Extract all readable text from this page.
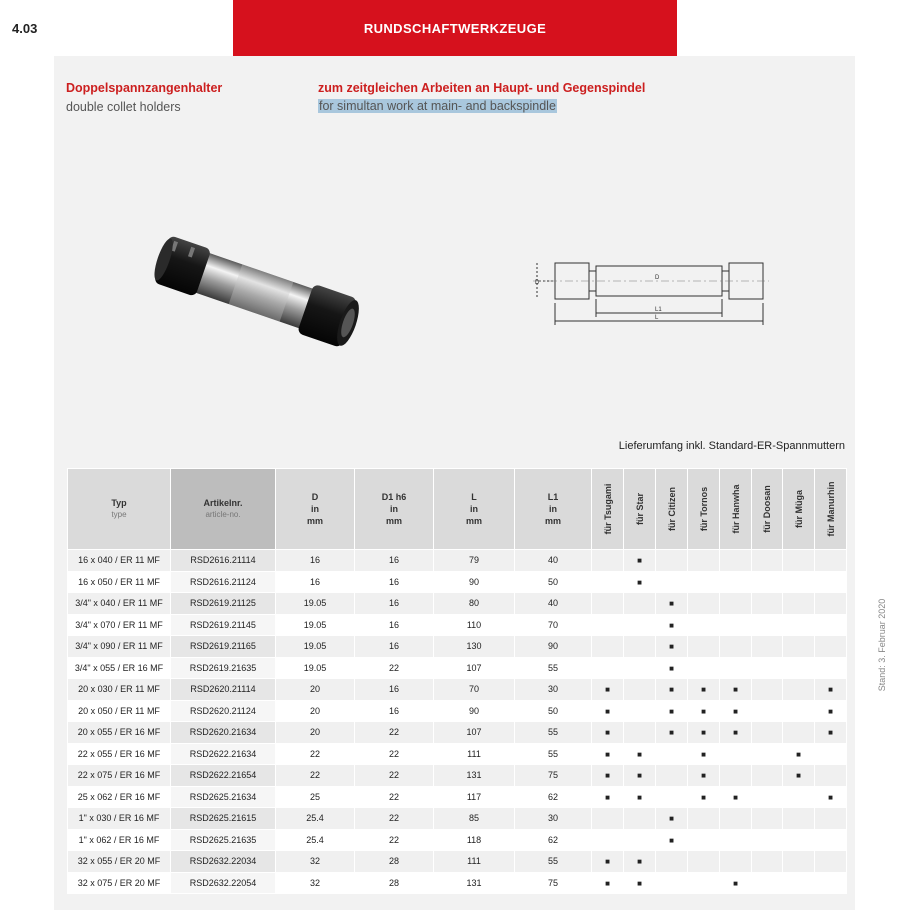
4.03	RUNDSCHAFTWERKZEUGE
Doppelspannzangenhalter
double collet holders
zum zeitgleichen Arbeiten an Haupt- und Gegenspindel
for simultan work at main- and backspindle
D
D
L1
L
Lieferumfang inkl. Standard-ER-Spannmuttern
Stand: 3. Februar 2020
Typ
type	Artikelnr.
article-no.	D
in
mm	D1 h6
in
mm	L
in
mm	L1
in
mm	für Tsugami	für Star	für Citizen	für Tornos	für Hanwha	für Doosan	für Müga	für Manurhin

16 x 040 / ER 11 MF	RSD2616.21114	16	16	79	40		■						
16 x 050 / ER 11 MF	RSD2616.21124	16	16	90	50		■						
3/4" x 040 / ER 11 MF	RSD2619.21125	19.05	16	80	40			■					
3/4" x 070 / ER 11 MF	RSD2619.21145	19.05	16	110	70			■					
3/4" x 090 / ER 11 MF	RSD2619.21165	19.05	16	130	90			■					
3/4" x 055 / ER 16 MF	RSD2619.21635	19.05	22	107	55			■					
20 x 030 / ER 11 MF	RSD2620.21114	20	16	70	30	■		■	■	■			■
20 x 050 / ER 11 MF	RSD2620.21124	20	16	90	50	■		■	■	■			■
20 x 055 / ER 16 MF	RSD2620.21634	20	22	107	55	■		■	■	■			■
22 x 055 / ER 16 MF	RSD2622.21634	22	22	111	55	■	■		■			■	
22 x 075 / ER 16 MF	RSD2622.21654	22	22	131	75	■	■		■			■	
25 x 062 / ER 16 MF	RSD2625.21634	25	22	117	62	■	■		■	■			■
1" x 030 / ER 16 MF	RSD2625.21615	25.4	22	85	30			■					
1" x 062 / ER 16 MF	RSD2625.21635	25.4	22	118	62			■					
32 x 055 / ER 20 MF	RSD2632.22034	32	28	111	55	■	■						
32 x 075 / ER 20 MF	RSD2632.22054	32	28	131	75	■	■			■			
